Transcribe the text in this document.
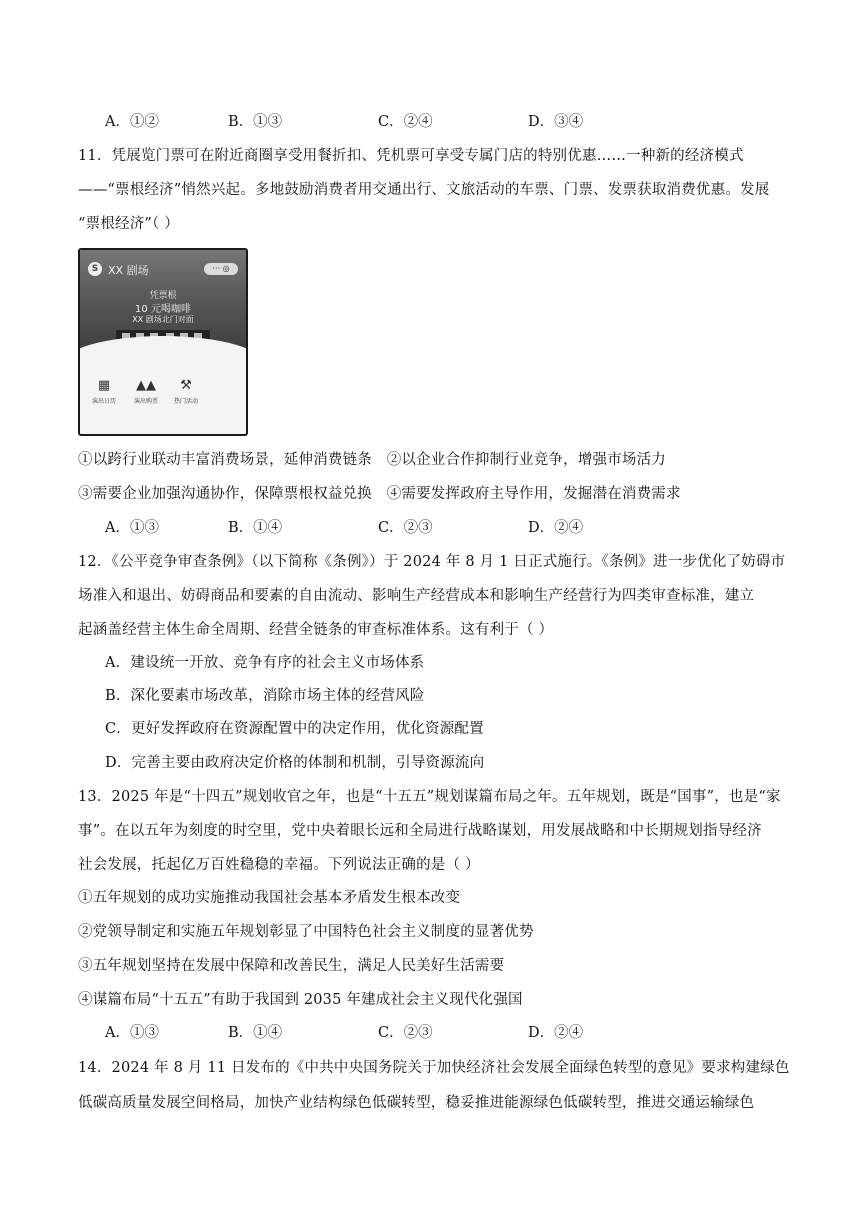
A．①②	B．①③	C．②④	D．③④
11．凭展览门票可在附近商圈享受用餐折扣、凭机票可享受专属门店的特别优惠……一种新的经济模式
——“票根经济”悄然兴起。多地鼓励消费者用交通出行、文旅活动的车票、门票、发票获取消费优惠。发展
“票根经济”（ ）
S XX 剧场	··· ◎
凭票根
10 元喝咖啡
XX 剧场北门对面
▦
演出日历
▲▲
演出购票
⚒
热门活动
①以跨行业联动丰富消费场景，延伸消费链条　②以企业合作抑制行业竞争，增强市场活力
③需要企业加强沟通协作，保障票根权益兑换　④需要发挥政府主导作用，发掘潜在消费需求
A．①③	B．①④	C．②③	D．②④
12．《公平竞争审查条例》（以下简称《条例》）于 2024 年 8 月 1 日正式施行。《条例》进一步优化了妨碍市
场准入和退出、妨碍商品和要素的自由流动、影响生产经营成本和影响生产经营行为四类审查标准，建立
起涵盖经营主体生命全周期、经营全链条的审查标准体系。这有利于（ ）
A．建设统一开放、竞争有序的社会主义市场体系
B．深化要素市场改革，消除市场主体的经营风险
C．更好发挥政府在资源配置中的决定作用，优化资源配置
D．完善主要由政府决定价格的体制和机制，引导资源流向
13．2025 年是“十四五”规划收官之年，也是“十五五”规划谋篇布局之年。五年规划，既是“国事”，也是“家
事”。在以五年为刻度的时空里，党中央着眼长远和全局进行战略谋划，用发展战略和中长期规划指导经济
社会发展，托起亿万百姓稳稳的幸福。下列说法正确的是（ ）
①五年规划的成功实施推动我国社会基本矛盾发生根本改变
②党领导制定和实施五年规划彰显了中国特色社会主义制度的显著优势
③五年规划坚持在发展中保障和改善民生，满足人民美好生活需要
④谋篇布局“十五五”有助于我国到 2035 年建成社会主义现代化强国
A．①③	B．①④	C．②③	D．②④
14．2024 年 8 月 11 日发布的《中共中央国务院关于加快经济社会发展全面绿色转型的意见》要求构建绿色
低碳高质量发展空间格局，加快产业结构绿色低碳转型，稳妥推进能源绿色低碳转型，推进交通运输绿色
